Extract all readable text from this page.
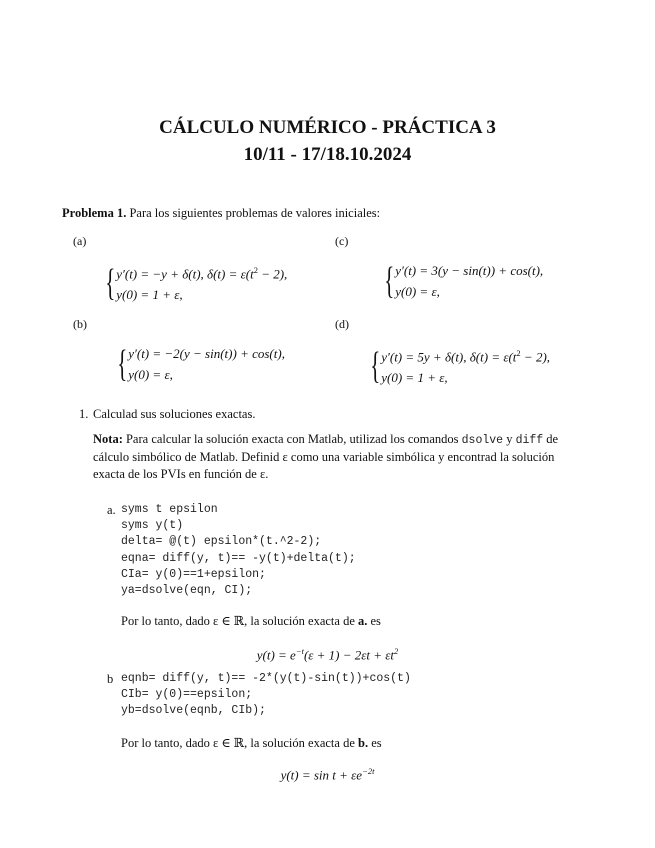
CÁLCULO NUMÉRICO - PRÁCTICA 3
10/11 - 17/18.10.2024
Problema 1. Para los siguientes problemas de valores iniciales:
(a)
{ y′(t) = −y + δ(t), $\delta(t) = \varepsilon(t^2 - 2)$,
y(0) = 1 + ε,
(c)
{ y′(t) = 3(y − sin(t)) + cos(t),
y(0) = ε,
(b)
{ y′(t) = −2(y − sin(t)) + cos(t),
y(0) = ε,
(d)
{ y′(t) = 5y + δ(t), $\delta(t) = \varepsilon(t^2 - 2)$,
y(0) = 1 + ε,
1. Calculad sus soluciones exactas.
Nota: Para calcular la solución exacta con Matlab, utilizad los comandos dsolve y diff de
cálculo simbólico de Matlab. Definid ε como una variable simbólica y encontrad la solución
exacta de los PVIs en función de ε.
a. syms t epsilon
syms y(t)
delta= @(t) epsilon*(t.^2-2);
eqna= diff(y, t)== -y(t)+delta(t);
CIa= y(0)==1+epsilon;
ya=dsolve(eqn, CI);
Por lo tanto, dado ε ∈ ℝ, la solución exacta de a. es
$y(t) = e^{-t}(\varepsilon + 1) - 2\varepsilon t + \varepsilon t^2$
b eqnb= diff(y, t)== -2*(y(t)-sin(t))+cos(t)
CIb= y(0)==epsilon;
yb=dsolve(eqnb, CIb);
Por lo tanto, dado ε ∈ ℝ, la solución exacta de b. es
$y(t) = \sin t + \varepsilon e^{-2t}$
